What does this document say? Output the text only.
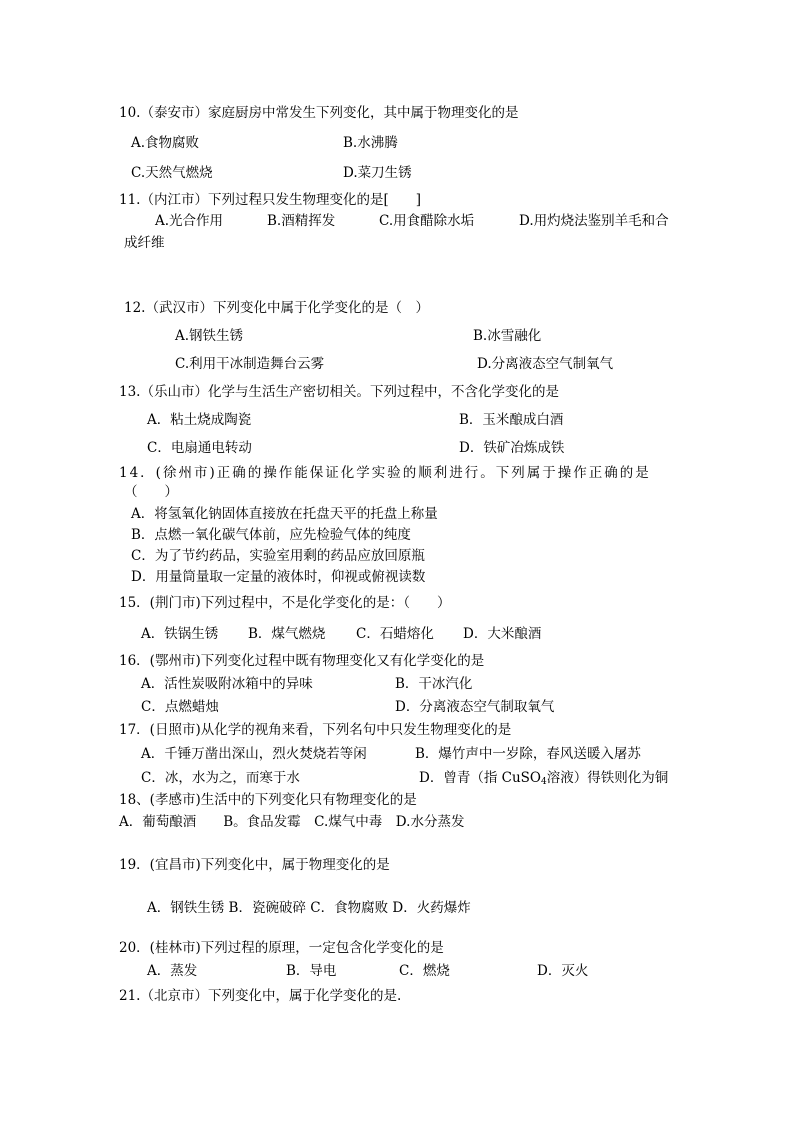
10.（泰安市）家庭厨房中常发生下列变化，其中属于物理变化的是
A.食物腐败	B.水沸腾
C.天然气燃烧	D.菜刀生锈
11.（内江市）下列过程只发生物理变化的是[　　]
A.光合作用	B.酒精挥发	C.用食醋除水垢	D.用灼烧法鉴别羊毛和合
成纤维
12.（武汉市）下列变化中属于化学变化的是（　）
A.钢铁生锈	B.冰雪融化
C.利用干冰制造舞台云雾	D.分离液态空气制氧气
13.（乐山市）化学与生活生产密切相关。下列过程中，不含化学变化的是
A．粘土烧成陶瓷	B．玉米酿成白酒
C．电扇通电转动	D．铁矿冶炼成铁
14．(徐州市)正确的操作能保证化学实验的顺利进行。下列属于操作正确的是
（　　）
A．将氢氧化钠固体直接放在托盘天平的托盘上称量
B．点燃一氧化碳气体前，应先检验气体的纯度
C．为了节约药品，实验室用剩的药品应放回原瓶
D．用量筒量取一定量的液体时，仰视或俯视读数
15．(荆门市)下列过程中，不是化学变化的是：（　　）
A．铁锅生锈 B．煤气燃烧 C．石蜡熔化 D．大米酿酒
16．(鄂州市)下列变化过程中既有物理变化又有化学变化的是
A．活性炭吸附冰箱中的异味	B．干冰汽化
C．点燃蜡烛	D．分离液态空气制取氧气
17．(日照市)从化学的视角来看，下列名句中只发生物理变化的是
A．千锤万凿出深山，烈火焚烧若等闲	B．爆竹声中一岁除，春风送暖入屠苏
C．冰，水为之，而寒于水	D．曾青（指 CuSO$_4$溶液）得铁则化为铜
18、(孝感市)生活中的下列变化只有物理变化的是
A．葡萄酿酒　　B。食品发霉　C.煤气中毒　D.水分蒸发
19．(宜昌市)下列变化中，属于物理变化的是
A．钢铁生锈 B．瓷碗破碎 C．食物腐败 D．火药爆炸
20．(桂林市)下列过程的原理，一定包含化学变化的是
A．蒸发	B．导电	C．燃烧	D．灭火
21.（北京市）下列变化中，属于化学变化的是.
